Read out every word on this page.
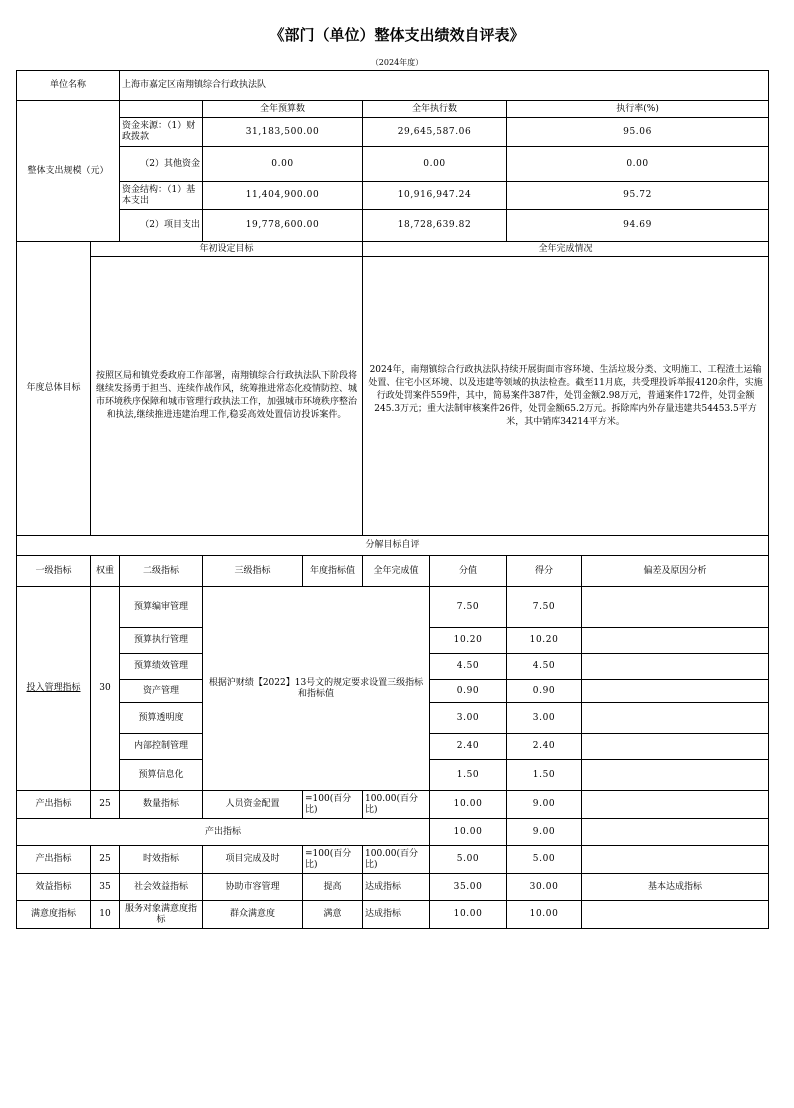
《部门（单位）整体支出绩效自评表》
（2024年度）
单位名称		上海市嘉定区南翔镇综合行政执法队						
整体支出规模（元）			全年预算数		全年执行数		执行率(%)	
		资金来源：（1）财政拨款	31,183,500.00		29,645,587.06		95.06	
		（2）其他资金	0.00		0.00		0.00	
		资金结构：（1）基本支出	11,404,900.00		10,916,947.24		95.72	
		（2）项目支出	19,778,600.00		18,728,639.82		94.69	
年度总体目标	年初设定目标				全年完成情况			
	按照区局和镇党委政府工作部署，南翔镇综合行政执法队下阶段将继续发扬勇于担当、连续作战作风，统筹推进常态化疫情防控、城市环境秩序保障和城市管理行政执法工作，加强城市环境秩序整治和执法,继续推进违建治理工作,稳妥高效处置信访投诉案件。				2024年，南翔镇综合行政执法队持续开展街面市容环境、生活垃圾分类、文明施工、工程渣土运输处置、住宅小区环境、以及违建等领域的执法检查。截至11月底，共受理投诉举报4120余件，实施行政处罚案件559件，其中，简易案件387件，处罚金额2.98万元，普通案件172件，处罚金额245.3万元；重大法制审核案件26件，处罚金额65.2万元。拆除库内外存量违建共54453.5平方米，其中销库34214平方米。			
分解目标自评								
一级指标	权重	二级指标	三级指标	年度指标值	全年完成值	分值	得分	偏差及原因分析
投入管理指标	30	预算编审管理	根据沪财绩【2022】13号文的规定要求设置三级指标和指标值			7.50	7.50	
		预算执行管理				10.20	10.20	
		预算绩效管理				4.50	4.50	
		资产管理				0.90	0.90	
		预算透明度				3.00	3.00	
		内部控制管理				2.40	2.40	
		预算信息化				1.50	1.50	
产出指标	25	数量指标	人员资金配置	=100(百分比)	100.00(百分比)	10.00	9.00	
产出指标						10.00	9.00	
产出指标	25	时效指标	项目完成及时	=100(百分比)	100.00(百分比)	5.00	5.00	
效益指标	35	社会效益指标	协助市容管理	提高	达成指标	35.00	30.00	基本达成指标
满意度指标	10	服务对象满意度指标	群众满意度	满意	达成指标	10.00	10.00	
